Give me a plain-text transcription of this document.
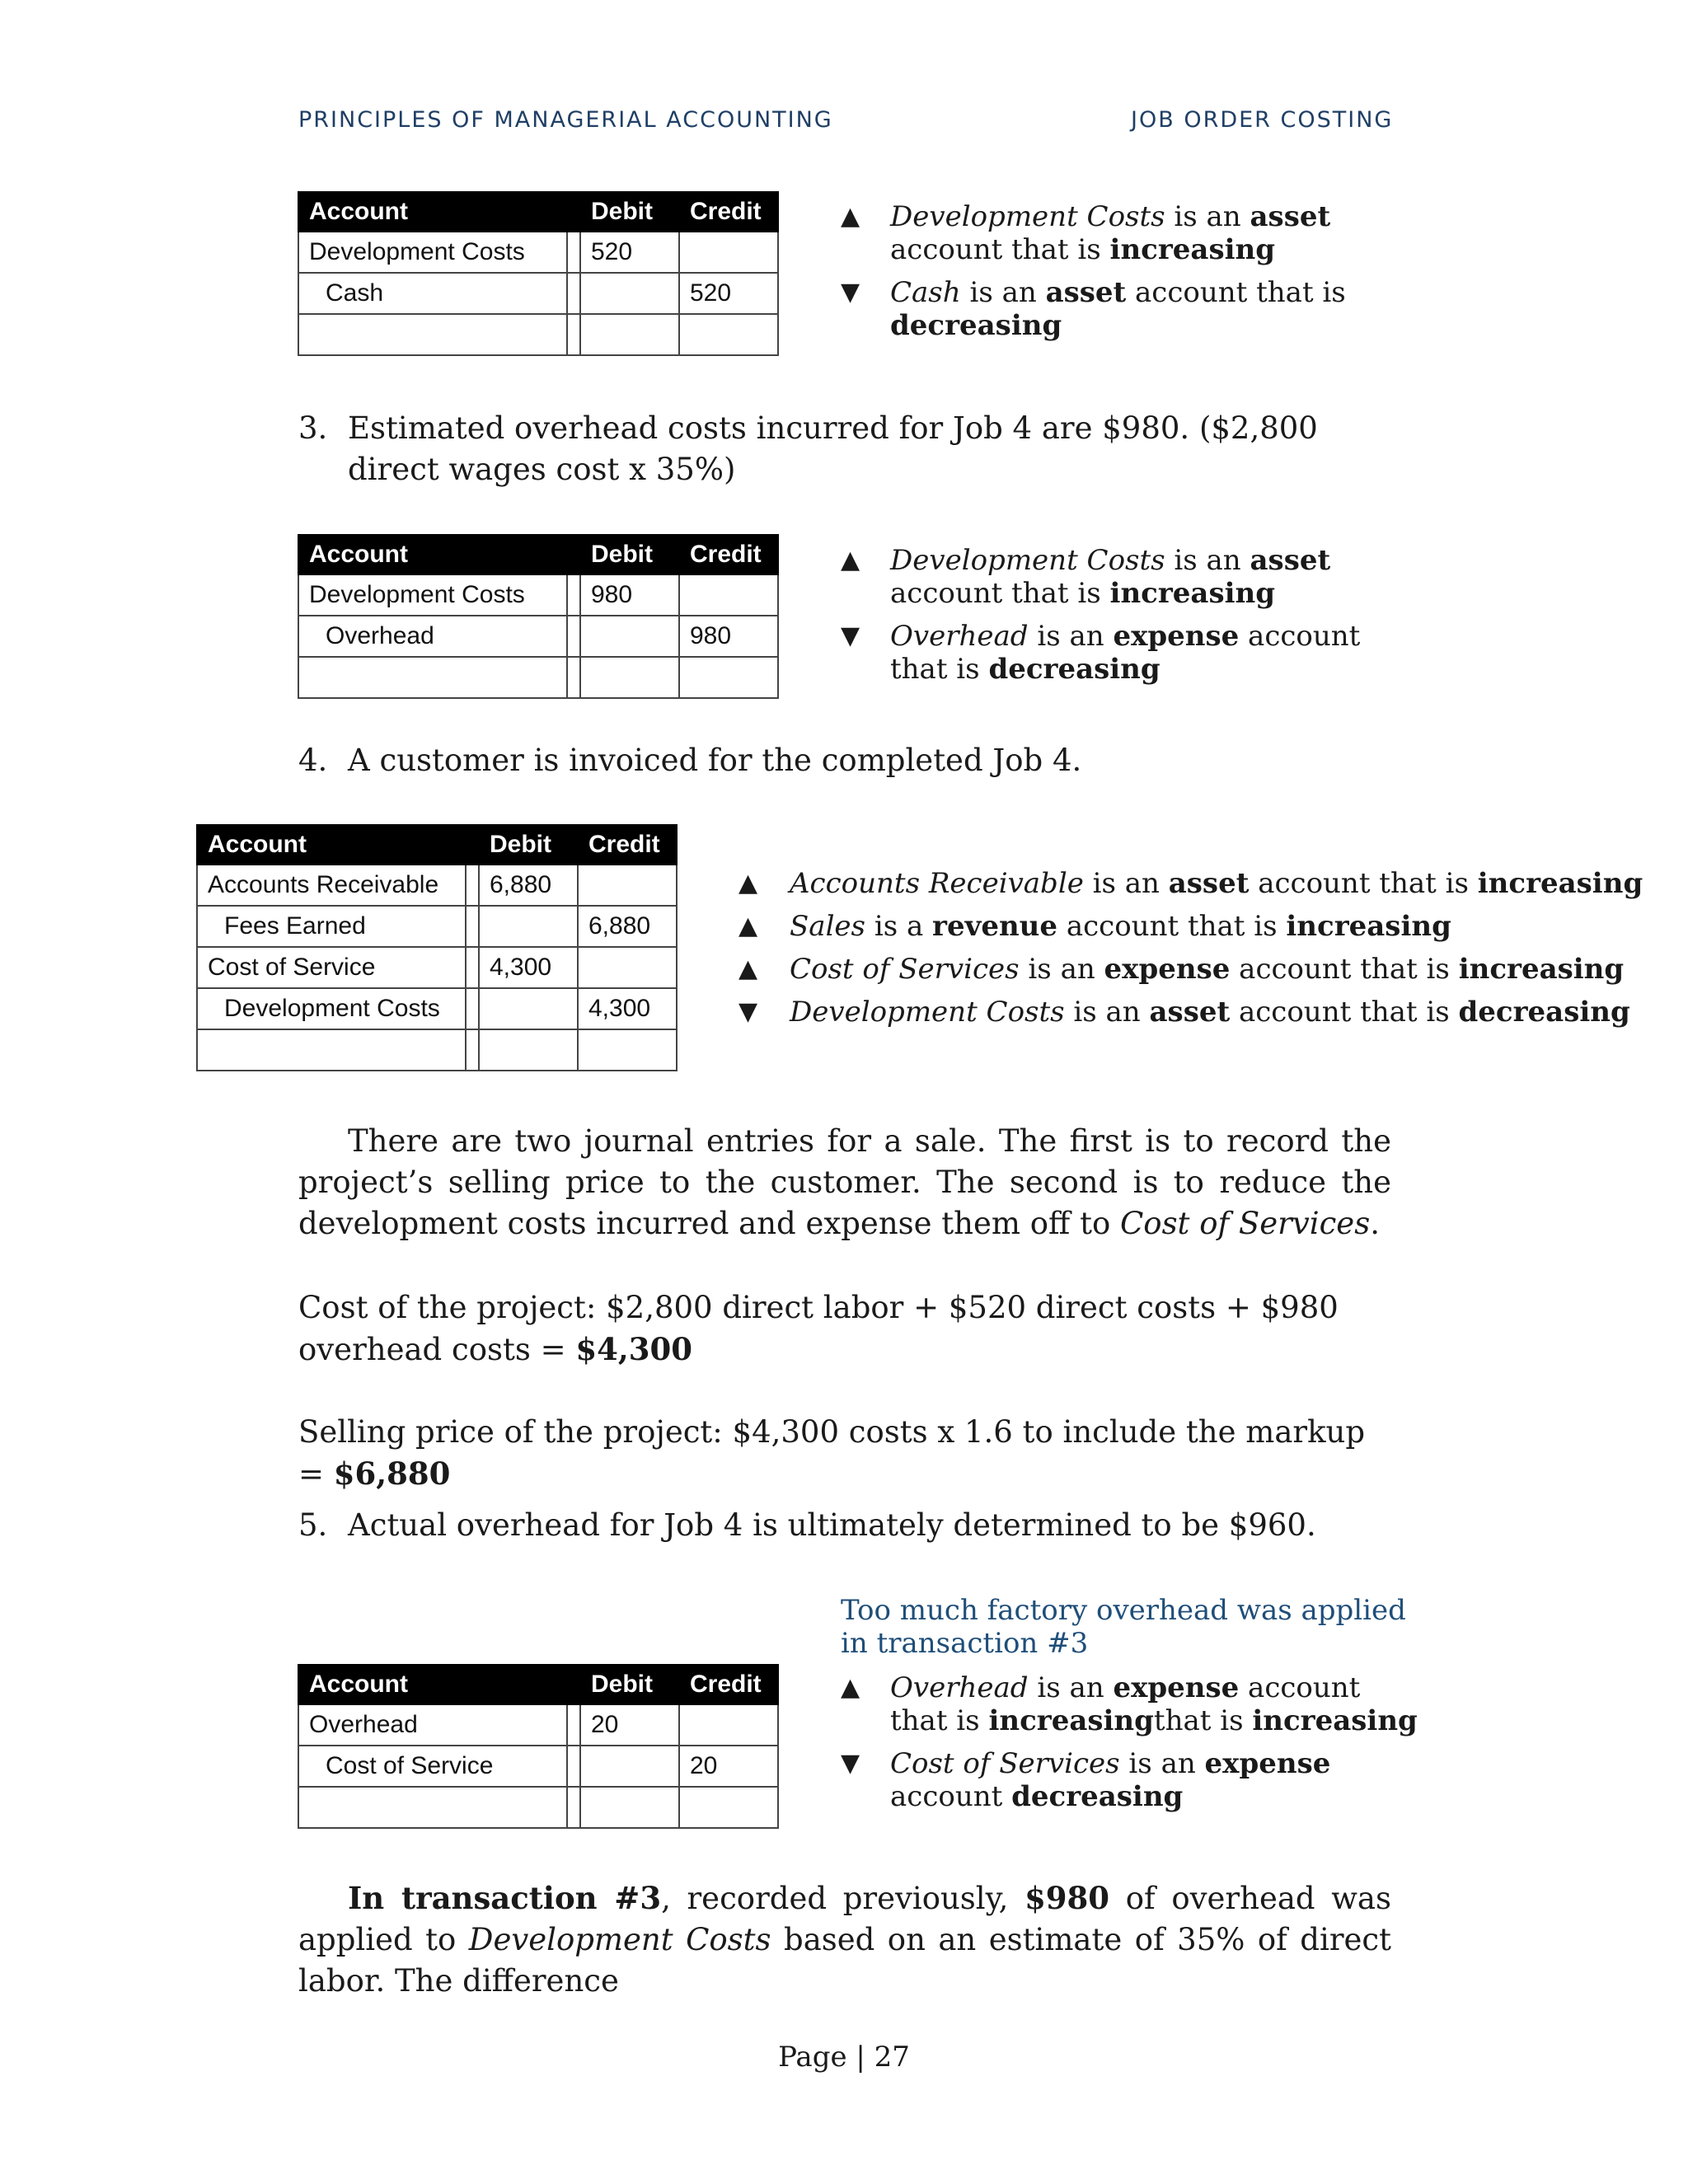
PRINCIPLES OF MANAGERIAL ACCOUNTING	JOB ORDER COSTING
Account		Debit	Credit
Development Costs		520	
Cash			520

▲ Development Costs is an asset account that is increasing
▼ Cash is an asset account that is decreasing
3. Estimated overhead costs incurred for Job 4 are $980. ($2,800 direct wages cost x 35%)
Account		Debit	Credit
Development Costs		980	
Overhead			980

▲ Development Costs is an asset account that is increasing
▼ Overhead is an expense account that is decreasing
4. A customer is invoiced for the completed Job 4.
Account		Debit	Credit
Accounts Receivable		6,880	
Fees Earned			6,880
Cost of Service		4,300	
Development Costs			4,300

▲ Accounts Receivable is an asset account that is increasing
▲ Sales is a revenue account that is increasing
▲ Cost of Services is an expense account that is increasing
▼ Development Costs is an asset account that is decreasing
There are two journal entries for a sale. The first is to record the project’s selling price to the customer. The second is to reduce the development costs incurred and expense them off to Cost of Services.
Cost of the project: $2,800 direct labor + $520 direct costs + $980 overhead costs = $4,300
Selling price of the project: $4,300 costs x 1.6 to include the markup = $6,880
5. Actual overhead for Job 4 is ultimately determined to be $960.
Account		Debit	Credit
Overhead		20	
Cost of Service			20

Too much factory overhead was applied in transaction #3
▲ Overhead is an expense account that is increasingthat is increasing
▼ Cost of Services is an expense account decreasing
In transaction #3, recorded previously, $980 of overhead was applied to Development Costs based on an estimate of 35% of direct labor. The difference
Page | 27
